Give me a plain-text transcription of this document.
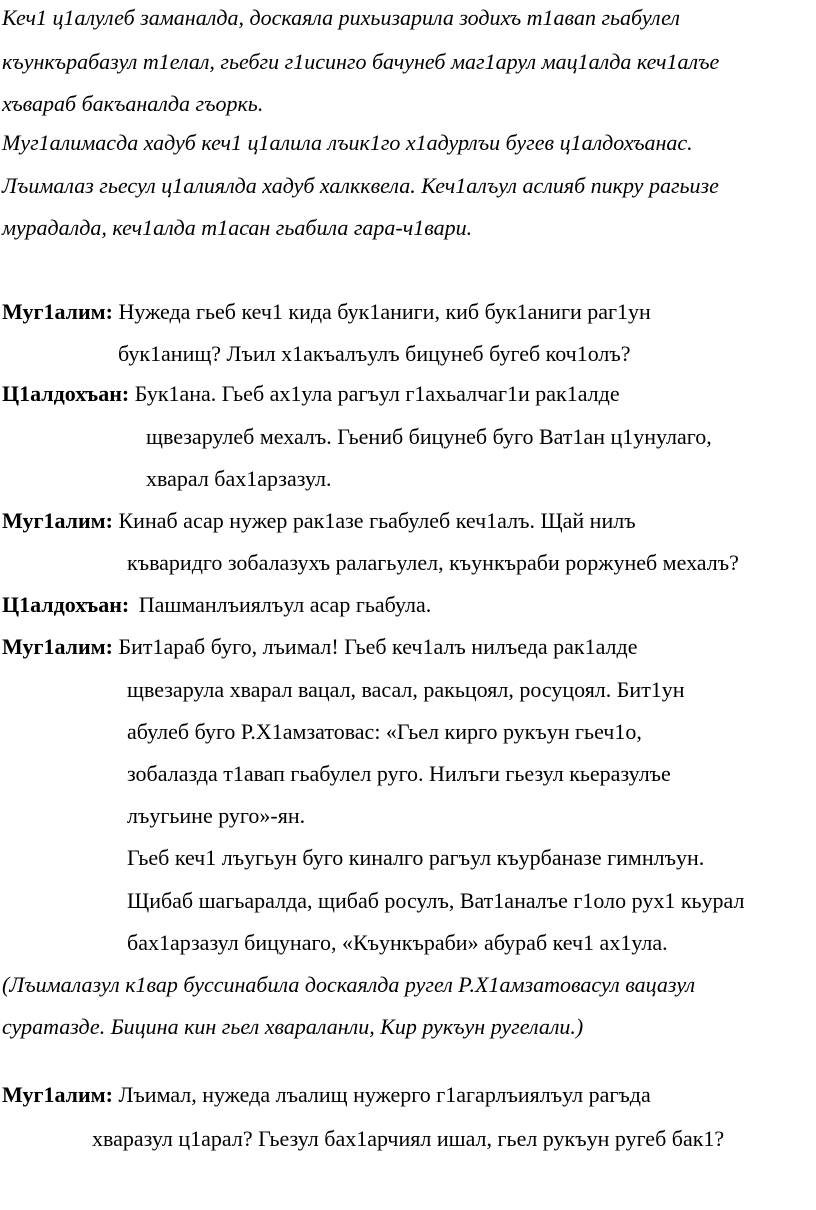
Кеч1 ц1алулеб заманалда, доскаяла рихьизарила зодихъ т1авап гьабулел
къункърабазул т1елал, гьебги г1исинго бачунеб маг1арул мац1алда кеч1алъе
хъвараб бакъаналда гъоркь.
Муг1алимасда хадуб кеч1 ц1алила лъик1го х1адурлъи бугев ц1алдохъанас.
Лъималаз гьесул ц1алиялда хадуб халкквела. Кеч1алъул аслияб пикру рагьизе
мурадалда, кеч1алда т1асан гьабила гара-ч1вари.
Муг1алим: Нужеда гьеб кеч1 кида бук1аниги, киб бук1аниги раг1ун
бук1анищ? Лъил х1акъалъулъ бицунеб бугеб коч1олъ?
Ц1алдохъан: Бук1ана. Гьеб ах1ула рагъул г1ахьалчаг1и рак1алде
щвезарулеб мехалъ. Гьениб бицунеб буго Ват1ан ц1унулаго,
хварал бах1арзазул.
Муг1алим: Кинаб асар нужер рак1азе гьабулеб кеч1алъ. Щай нилъ
къваридго зобалазухъ ралагьулел, къункъраби роржунеб мехалъ?
Ц1алдохъан: Пашманлъиялъул асар гьабула.
Муг1алим: Бит1араб буго, лъимал! Гьеб кеч1алъ нилъеда рак1алде
щвезарула хварал вацал, васал, ракьцоял, росуцоял. Бит1ун
абулеб буго Р.Х1амзатовас: «Гьел кирго рукъун гьеч1о,
зобалазда т1авап гьабулел руго. Нилъги гьезул кьеразулъе
лъугьине руго»-ян.
Гьеб кеч1 лъугьун буго киналго рагъул къурбаназе гимнлъун.
Щибаб шагьаралда, щибаб росулъ, Ват1аналъе г1оло рух1 кьурал
бах1арзазул бицунаго, «Къункъраби» абураб кеч1 ах1ула.
(Лъималазул к1вар буссинабила доскаялда ругел Р.Х1амзатовасул вацазул
суратазде. Бицина кин гьел хвараланли, Кир рукъун ругелали.)
Муг1алим: Лъимал, нужеда лъалищ нужерго г1агарлъиялъул рагъда
хваразул ц1арал? Гьезул бах1арчиял ишал, гьел рукъун ругеб бак1?
